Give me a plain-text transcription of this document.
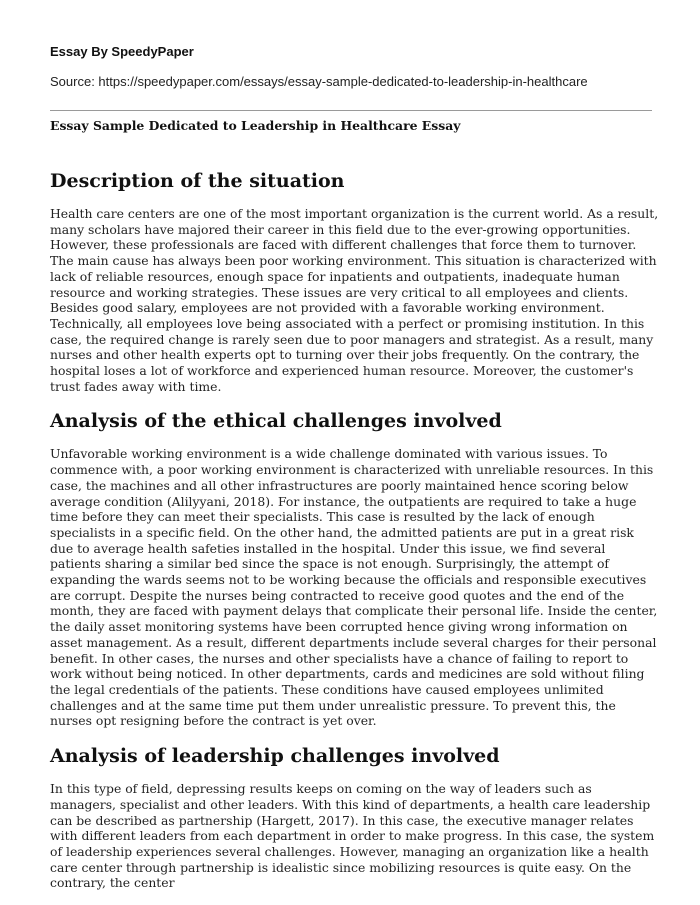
Essay By SpeedyPaper
Source: https://speedypaper.com/essays/essay-sample-dedicated-to-leadership-in-healthcare
Essay Sample Dedicated to Leadership in Healthcare Essay
Description of the situation

Health care centers are one of the most important organization is the current world. As a result, many scholars have majored their career in this field due to the ever-growing opportunities. However, these professionals are faced with different challenges that force them to turnover. The main cause has always been poor working environment. This situation is characterized with lack of reliable resources, enough space for inpatients and outpatients, inadequate human resource and working strategies. These issues are very critical to all employees and clients. Besides good salary, employees are not provided with a favorable working environment. Technically, all employees love being associated with a perfect or promising institution. In this case, the required change is rarely seen due to poor managers and strategist. As a result, many nurses and other health experts opt to turning over their jobs frequently. On the contrary, the hospital loses a lot of workforce and experienced human resource. Moreover, the customer's trust fades away with time.

Analysis of the ethical challenges involved

Unfavorable working environment is a wide challenge dominated with various issues. To commence with, a poor working environment is characterized with unreliable resources. In this case, the machines and all other infrastructures are poorly maintained hence scoring below average condition (Alilyyani, 2018). For instance, the outpatients are required to take a huge time before they can meet their specialists. This case is resulted by the lack of enough specialists in a specific field. On the other hand, the admitted patients are put in a great risk due to average health safeties installed in the hospital. Under this issue, we find several patients sharing a similar bed since the space is not enough. Surprisingly, the attempt of expanding the wards seems not to be working because the officials and responsible executives are corrupt. Despite the nurses being contracted to receive good quotes and the end of the month, they are faced with payment delays that complicate their personal life. Inside the center, the daily asset monitoring systems have been corrupted hence giving wrong information on asset management. As a result, different departments include several charges for their personal benefit. In other cases, the nurses and other specialists have a chance of failing to report to work without being noticed. In other departments, cards and medicines are sold without filing the legal credentials of the patients. These conditions have caused employees unlimited challenges and at the same time put them under unrealistic pressure. To prevent this, the nurses opt resigning before the contract is yet over.

Analysis of leadership challenges involved

In this type of field, depressing results keeps on coming on the way of leaders such as managers, specialist and other leaders. With this kind of departments, a health care leadership can be described as partnership (Hargett, 2017). In this case, the executive manager relates with different leaders from each department in order to make progress. In this case, the system of leadership experiences several challenges. However, managing an organization like a health care center through partnership is idealistic since mobilizing resources is quite easy. On the contrary, the center
